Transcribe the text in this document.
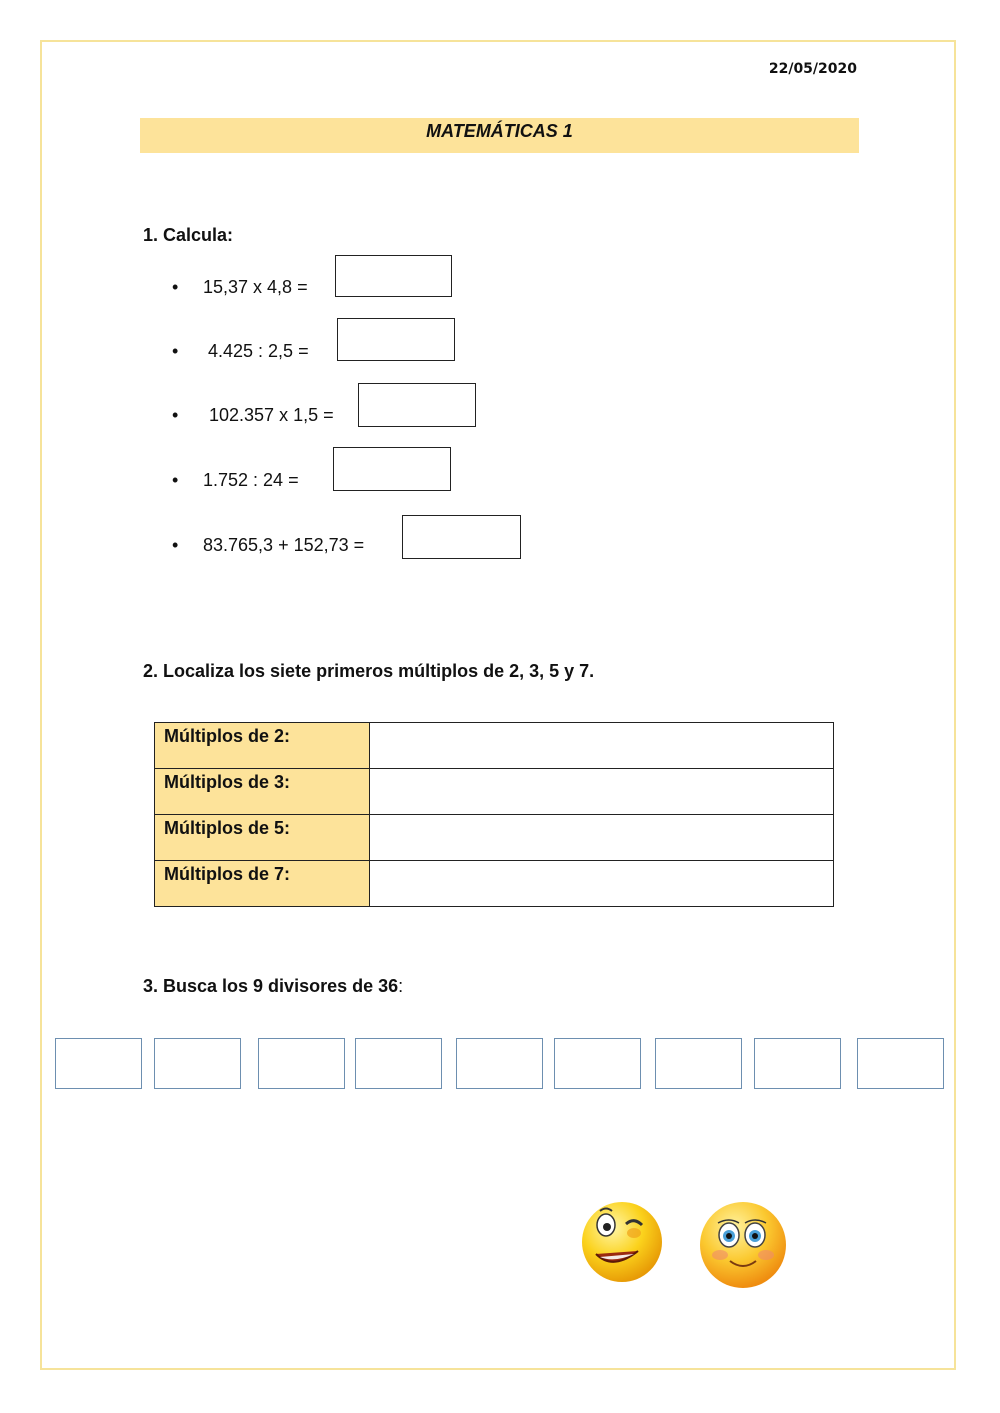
22/05/2020
MATEMÁTICAS 1
1. Calcula:
• 15,37 x 4,8 =
• 4.425 : 2,5 =
• 102.357 x 1,5 =
• 1.752 : 24 =
• 83.765,3 + 152,73 =
2. Localiza los siete primeros múltiplos de 2, 3, 5 y 7.
Múltiplos de 2:	
Múltiplos de 3:	
Múltiplos de 5:	
Múltiplos de 7:	
3. Busca los 9 divisores de 36:
